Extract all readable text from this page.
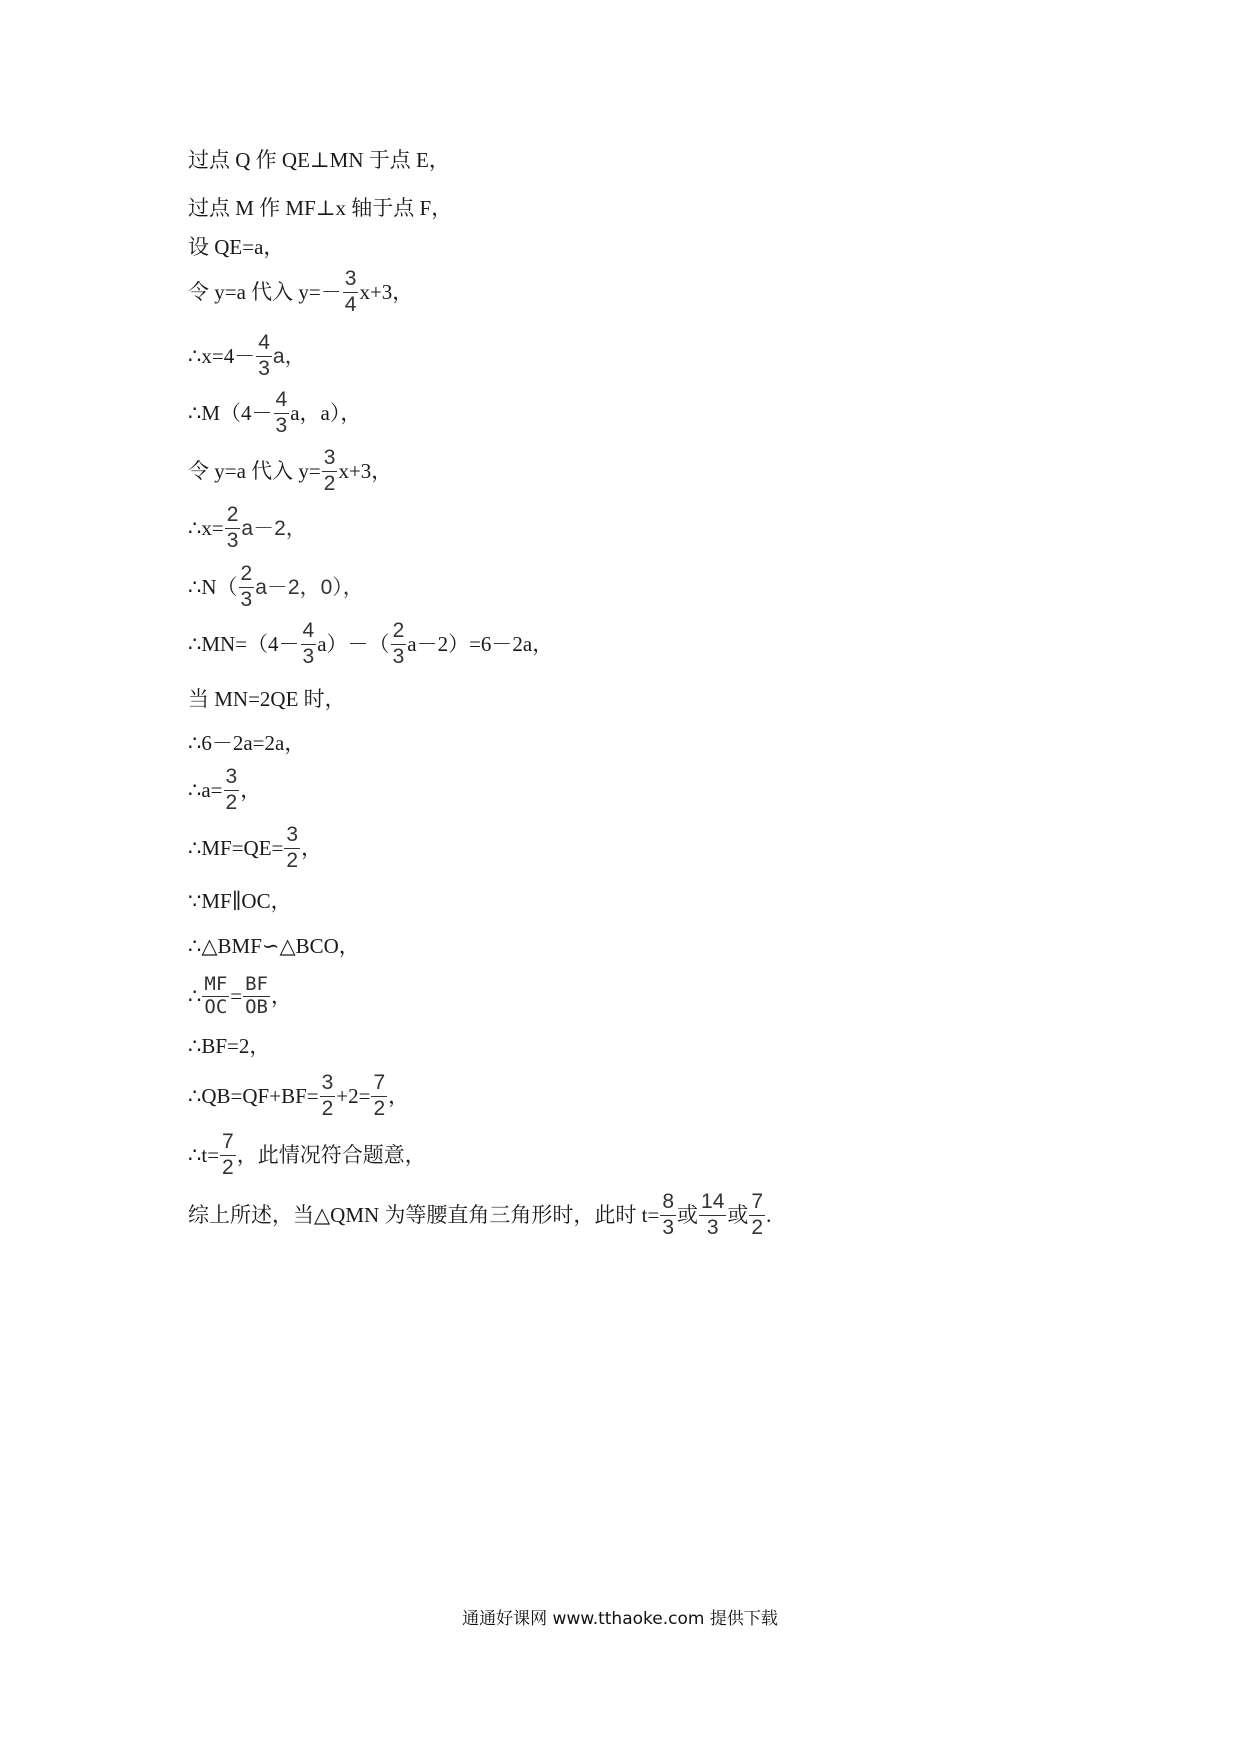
过点 Q 作 QE⊥MN 于点 E，
过点 M 作 MF⊥x 轴于点 F，
设 QE=a，
令 y=a 代入 $y=- \frac{3}{4} x+3$，
∴x=4－ $\frac{4}{3}$ a，
∴M（4－ $\frac{4}{3}$ a，a），
令 y=a 代入 $y= \frac{3}{2} x+3$，
∴x= $\frac{2}{3} a-2$，
∴N（ $\frac{2}{3} a-2$，0），
∴MN=（4－ $\frac{4}{3} a)-( \frac{2}{3} a-2)=6-2a$，
当 MN=2QE 时，
∴6－2a=2a，
∴a= $\frac{3}{2}$ ，
∴MF=QE= $\frac{3}{2}$ ，
∵MF∥OC，
∴△BMF∽△BCO，
∴ $\frac{MF}{OC} = \frac{BF}{OB}$ ，
∴BF=2，
∴QB=QF+BF= $\frac{3}{2} +2= \frac{7}{2}$ ，
∴t= $\frac{7}{2}$ ，此情况符合题意，
综上所述，当△QMN 为等腰直角三角形时，此时 $t= \frac{8}{3}$ 或 $\frac{14}{3}$ 或 $\frac{7}{2}$ .
通通好课网 www.tthaoke.com 提供下载
